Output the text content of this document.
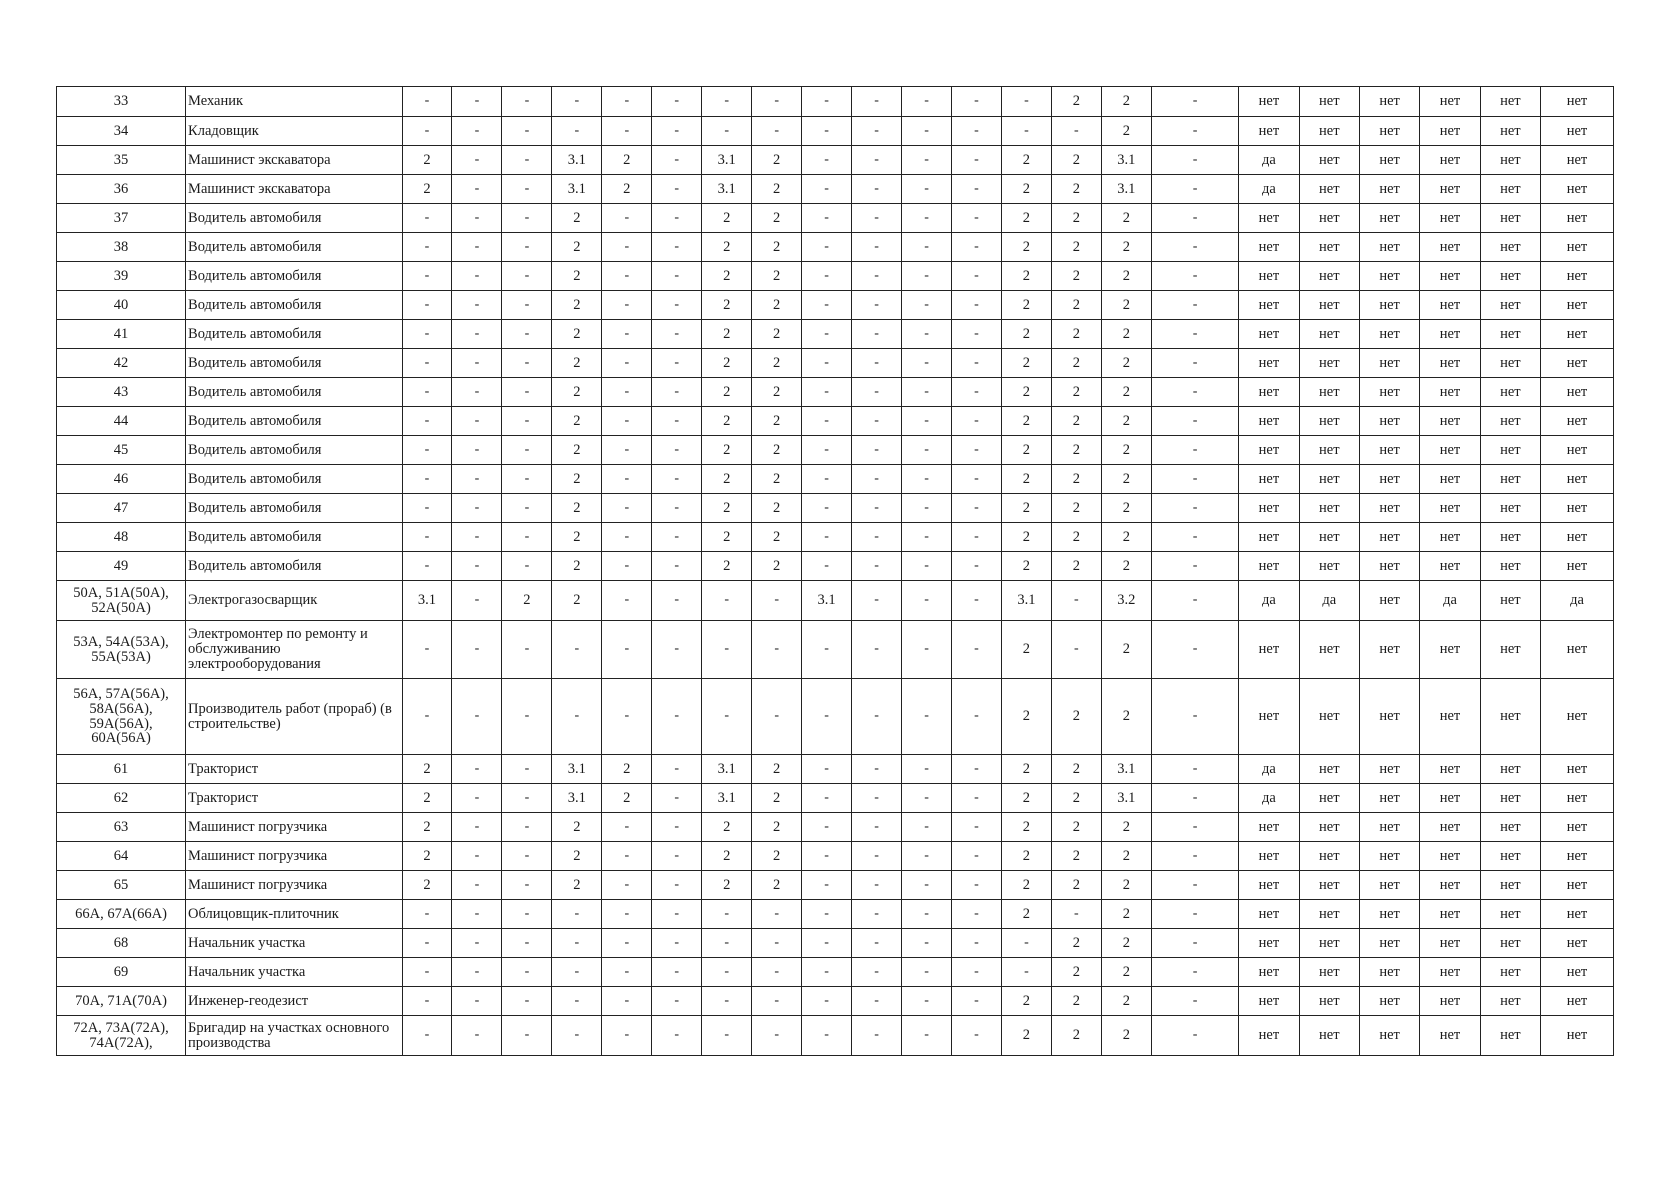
33	Механик	-	-	-	-	-	-	-	-	-	-	-	-	-	2	2	-	нет	нет	нет	нет	нет	нет
34	Кладовщик	-	-	-	-	-	-	-	-	-	-	-	-	-	-	2	-	нет	нет	нет	нет	нет	нет
35	Машинист экскаватора	2	-	-	3.1	2	-	3.1	2	-	-	-	-	2	2	3.1	-	да	нет	нет	нет	нет	нет
36	Машинист экскаватора	2	-	-	3.1	2	-	3.1	2	-	-	-	-	2	2	3.1	-	да	нет	нет	нет	нет	нет
37	Водитель автомобиля	-	-	-	2	-	-	2	2	-	-	-	-	2	2	2	-	нет	нет	нет	нет	нет	нет
38	Водитель автомобиля	-	-	-	2	-	-	2	2	-	-	-	-	2	2	2	-	нет	нет	нет	нет	нет	нет
39	Водитель автомобиля	-	-	-	2	-	-	2	2	-	-	-	-	2	2	2	-	нет	нет	нет	нет	нет	нет
40	Водитель автомобиля	-	-	-	2	-	-	2	2	-	-	-	-	2	2	2	-	нет	нет	нет	нет	нет	нет
41	Водитель автомобиля	-	-	-	2	-	-	2	2	-	-	-	-	2	2	2	-	нет	нет	нет	нет	нет	нет
42	Водитель автомобиля	-	-	-	2	-	-	2	2	-	-	-	-	2	2	2	-	нет	нет	нет	нет	нет	нет
43	Водитель автомобиля	-	-	-	2	-	-	2	2	-	-	-	-	2	2	2	-	нет	нет	нет	нет	нет	нет
44	Водитель автомобиля	-	-	-	2	-	-	2	2	-	-	-	-	2	2	2	-	нет	нет	нет	нет	нет	нет
45	Водитель автомобиля	-	-	-	2	-	-	2	2	-	-	-	-	2	2	2	-	нет	нет	нет	нет	нет	нет
46	Водитель автомобиля	-	-	-	2	-	-	2	2	-	-	-	-	2	2	2	-	нет	нет	нет	нет	нет	нет
47	Водитель автомобиля	-	-	-	2	-	-	2	2	-	-	-	-	2	2	2	-	нет	нет	нет	нет	нет	нет
48	Водитель автомобиля	-	-	-	2	-	-	2	2	-	-	-	-	2	2	2	-	нет	нет	нет	нет	нет	нет
49	Водитель автомобиля	-	-	-	2	-	-	2	2	-	-	-	-	2	2	2	-	нет	нет	нет	нет	нет	нет
50А, 51А(50А), 52А(50А)	Электрогазосварщик	3.1	-	2	2	-	-	-	-	3.1	-	-	-	3.1	-	3.2	-	да	да	нет	да	нет	да
53А, 54А(53А), 55А(53А)	Электромонтер по ремонту и обслуживанию электрооборудования	-	-	-	-	-	-	-	-	-	-	-	-	2	-	2	-	нет	нет	нет	нет	нет	нет
56А, 57А(56А), 58А(56А), 59А(56А), 60А(56А)	Производитель работ (прораб) (в строительстве)	-	-	-	-	-	-	-	-	-	-	-	-	2	2	2	-	нет	нет	нет	нет	нет	нет
61	Тракторист	2	-	-	3.1	2	-	3.1	2	-	-	-	-	2	2	3.1	-	да	нет	нет	нет	нет	нет
62	Тракторист	2	-	-	3.1	2	-	3.1	2	-	-	-	-	2	2	3.1	-	да	нет	нет	нет	нет	нет
63	Машинист погрузчика	2	-	-	2	-	-	2	2	-	-	-	-	2	2	2	-	нет	нет	нет	нет	нет	нет
64	Машинист погрузчика	2	-	-	2	-	-	2	2	-	-	-	-	2	2	2	-	нет	нет	нет	нет	нет	нет
65	Машинист погрузчика	2	-	-	2	-	-	2	2	-	-	-	-	2	2	2	-	нет	нет	нет	нет	нет	нет
66А, 67А(66А)	Облицовщик-плиточник	-	-	-	-	-	-	-	-	-	-	-	-	2	-	2	-	нет	нет	нет	нет	нет	нет
68	Начальник участка	-	-	-	-	-	-	-	-	-	-	-	-	-	2	2	-	нет	нет	нет	нет	нет	нет
69	Начальник участка	-	-	-	-	-	-	-	-	-	-	-	-	-	2	2	-	нет	нет	нет	нет	нет	нет
70А, 71А(70А)	Инженер-геодезист	-	-	-	-	-	-	-	-	-	-	-	-	2	2	2	-	нет	нет	нет	нет	нет	нет
72А, 73А(72А), 74А(72А),	Бригадир на участках основного производства	-	-	-	-	-	-	-	-	-	-	-	-	2	2	2	-	нет	нет	нет	нет	нет	нет
